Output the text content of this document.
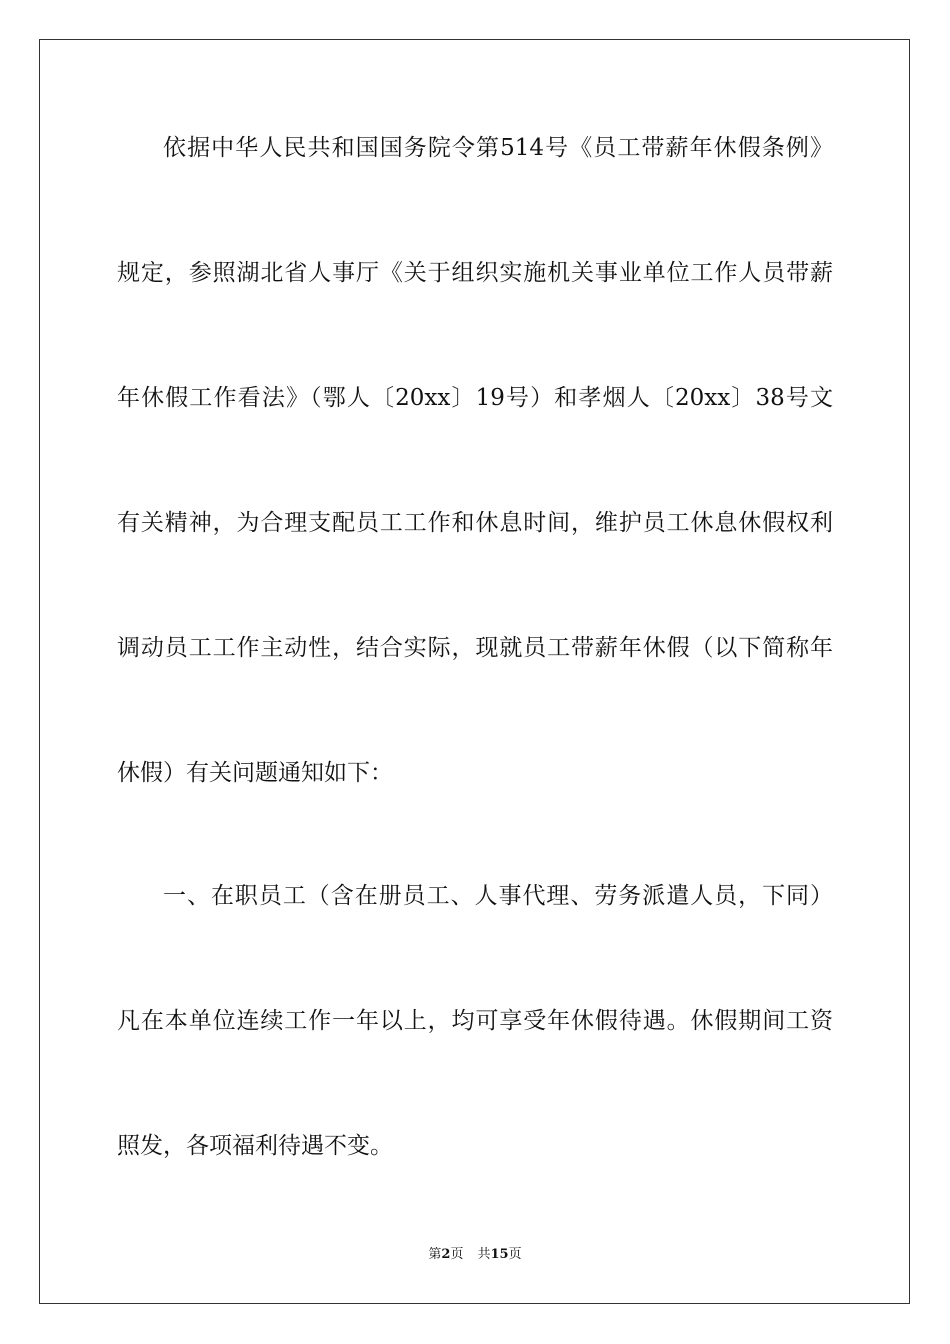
依据中华人民共和国国务院令第514号《员工带薪年休假条例》
规定，参照湖北省人事厅《关于组织实施机关事业单位工作人员带薪
年休假工作看法》（鄂人〔20xx〕19号）和孝烟人〔20xx〕38号文
有关精神，为合理支配员工工作和休息时间，维护员工休息休假权利
调动员工工作主动性，结合实际，现就员工带薪年休假（以下简称年
休假）有关问题通知如下：
一、在职员工（含在册员工、人事代理、劳务派遣人员，下同）
凡在本单位连续工作一年以上，均可享受年休假待遇。休假期间工资
照发，各项福利待遇不变。
第2页 共15页
